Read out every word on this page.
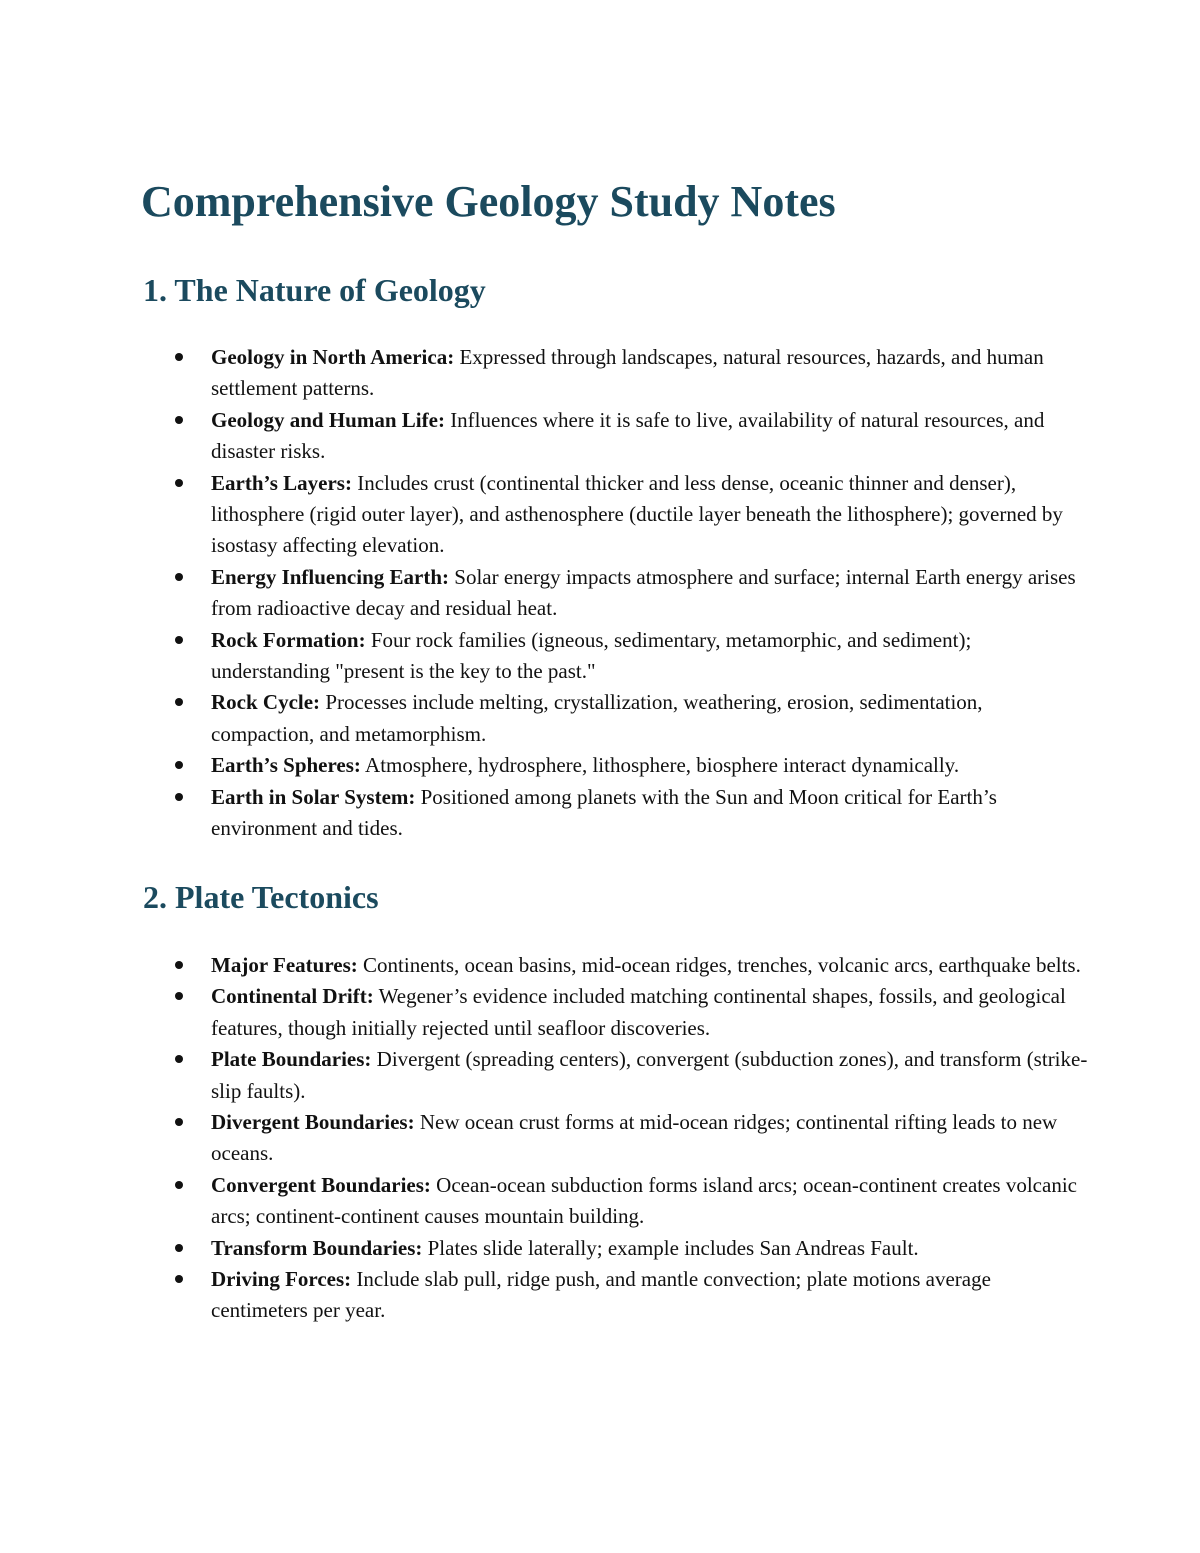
Comprehensive Geology Study Notes
1. The Nature of Geology
Geology in North America: Expressed through landscapes, natural resources, hazards, and human settlement patterns.
Geology and Human Life: Influences where it is safe to live, availability of natural resources, and disaster risks.
Earth’s Layers: Includes crust (continental thicker and less dense, oceanic thinner and denser), lithosphere (rigid outer layer), and asthenosphere (ductile layer beneath the lithosphere); governed by isostasy affecting elevation.
Energy Influencing Earth: Solar energy impacts atmosphere and surface; internal Earth energy arises from radioactive decay and residual heat.
Rock Formation: Four rock families (igneous, sedimentary, metamorphic, and sediment); understanding "present is the key to the past."
Rock Cycle: Processes include melting, crystallization, weathering, erosion, sedimentation, compaction, and metamorphism.
Earth’s Spheres: Atmosphere, hydrosphere, lithosphere, biosphere interact dynamically.
Earth in Solar System: Positioned among planets with the Sun and Moon critical for Earth’s environment and tides.
2. Plate Tectonics
Major Features: Continents, ocean basins, mid-ocean ridges, trenches, volcanic arcs, earthquake belts.
Continental Drift: Wegener’s evidence included matching continental shapes, fossils, and geological features, though initially rejected until seafloor discoveries.
Plate Boundaries: Divergent (spreading centers), convergent (subduction zones), and transform (strike-slip faults).
Divergent Boundaries: New ocean crust forms at mid-ocean ridges; continental rifting leads to new oceans.
Convergent Boundaries: Ocean-ocean subduction forms island arcs; ocean-continent creates volcanic arcs; continent-continent causes mountain building.
Transform Boundaries: Plates slide laterally; example includes San Andreas Fault.
Driving Forces: Include slab pull, ridge push, and mantle convection; plate motions average centimeters per year.
